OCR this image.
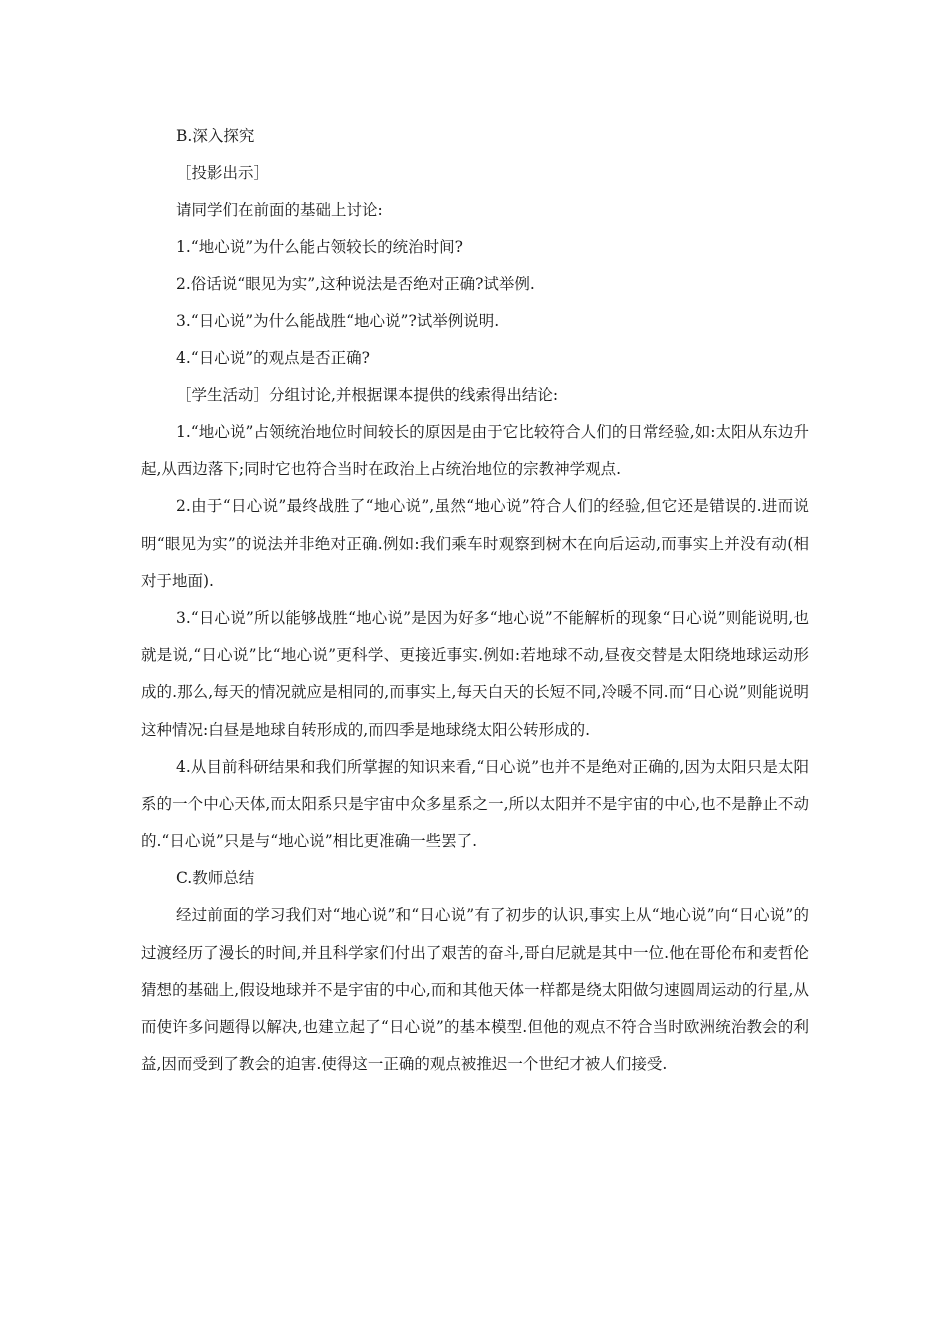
B.深入探究

［投影出示］

请同学们在前面的基础上讨论:

1.“地心说”为什么能占领较长的统治时间?

2.俗话说“眼见为实”,这种说法是否绝对正确?试举例.

3.“日心说”为什么能战胜“地心说”?试举例说明.

4.“日心说”的观点是否正确?

［学生活动］分组讨论,并根据课本提供的线索得出结论:

1.“地心说”占领统治地位时间较长的原因是由于它比较符合人们的日常经验,如:太阳从东边升起,从西边落下;同时它也符合当时在政治上占统治地位的宗教神学观点.

2.由于“日心说”最终战胜了“地心说”,虽然“地心说”符合人们的经验,但它还是错误的.进而说明“眼见为实”的说法并非绝对正确.例如:我们乘车时观察到树木在向后运动,而事实上并没有动(相对于地面).

3.“日心说”所以能够战胜“地心说”是因为好多“地心说”不能解析的现象“日心说”则能说明,也就是说,“日心说”比“地心说”更科学、更接近事实.例如:若地球不动,昼夜交替是太阳绕地球运动形成的.那么,每天的情况就应是相同的,而事实上,每天白天的长短不同,冷暖不同.而“日心说”则能说明这种情况:白昼是地球自转形成的,而四季是地球绕太阳公转形成的.

4.从目前科研结果和我们所掌握的知识来看,“日心说”也并不是绝对正确的,因为太阳只是太阳系的一个中心天体,而太阳系只是宇宙中众多星系之一,所以太阳并不是宇宙的中心,也不是静止不动的.“日心说”只是与“地心说”相比更准确一些罢了.

C.教师总结

经过前面的学习我们对“地心说”和“日心说”有了初步的认识,事实上从“地心说”向“日心说”的过渡经历了漫长的时间,并且科学家们付出了艰苦的奋斗,哥白尼就是其中一位.他在哥伦布和麦哲伦猜想的基础上,假设地球并不是宇宙的中心,而和其他天体一样都是绕太阳做匀速圆周运动的行星,从而使许多问题得以解决,也建立起了“日心说”的基本模型.但他的观点不符合当时欧洲统治教会的利益,因而受到了教会的迫害.使得这一正确的观点被推迟一个世纪才被人们接受.
